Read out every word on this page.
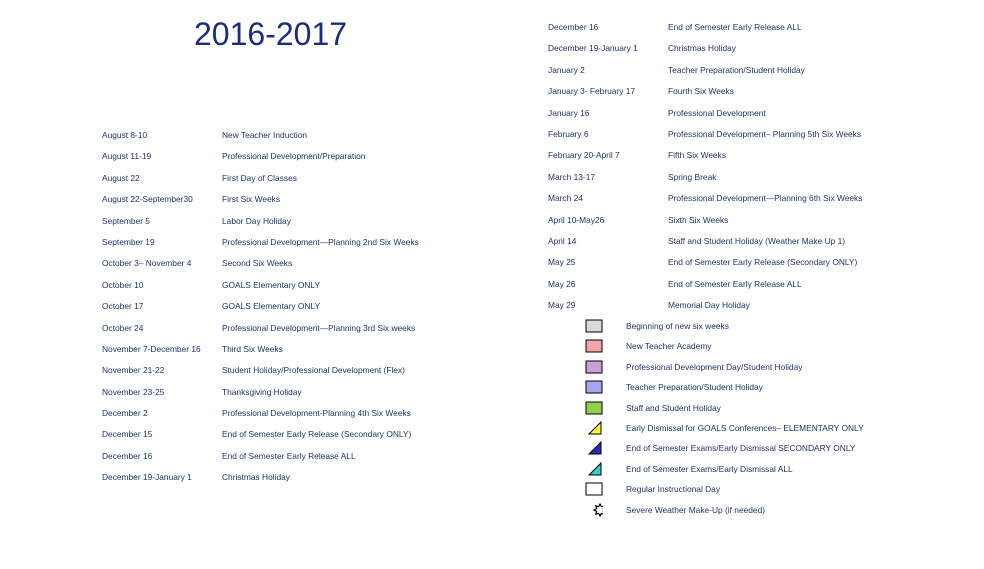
2016-2017
August 8-10	New Teacher Induction
August 11-19	Professional Development/Preparation
August 22	First Day of Classes
August 22-September30	First Six Weeks
September 5	Labor Day Holiday
September 19	Professional Development—Planning 2nd Six Weeks
October 3– November 4	Second Six Weeks
October 10	GOALS Elementary ONLY
October 17	GOALS Elementary ONLY
October 24	Professional Development—Planning 3rd Six weeks
November 7-December 16	Third Six Weeks
November 21-22	Student Holiday/Professional Development (Flex)
November 23-25	Thanksgiving Holiday
December 2	Professional Development-Planning 4th Six Weeks
December 15	End of Semester Early Release (Secondary ONLY)
December 16	End of Semester Early Release ALL
December 19-January 1	Christmas Holiday
December 16	End of Semester Early Release ALL
December 19-January 1	Christmas Holiday
January 2	Teacher Preparation/Student Holiday
January 3- February 17	Fourth Six Weeks
January 16	Professional Development
February 6	Professional Development– Planning 5th Six Weeks
February 20-April 7	Fifth Six Weeks
March 13-17	Spring Break
March 24	Professional Development—Planning 6th Six Weeks
April 10-May26	Sixth Six Weeks
April 14	Staff and Student Holiday (Weather Make Up 1)
May 25	End of Semester Early Release (Secondary ONLY)
May 26	End of Semester Early Release ALL
May 29	Memorial Day Holiday
Beginning of new six weeks
New Teacher Academy
Professional Development Day/Student Holiday
Teacher Preparation/Student Holiday
Staff and Student Holiday
Early Dismissal for GOALS Conferences– ELEMENTARY ONLY
End of Semester Exams/Early Dismissal SECONDARY ONLY
End of Semester Exams/Early Dismissal ALL
Regular Instructional Day
Severe Weather Make-Up (if needed)
